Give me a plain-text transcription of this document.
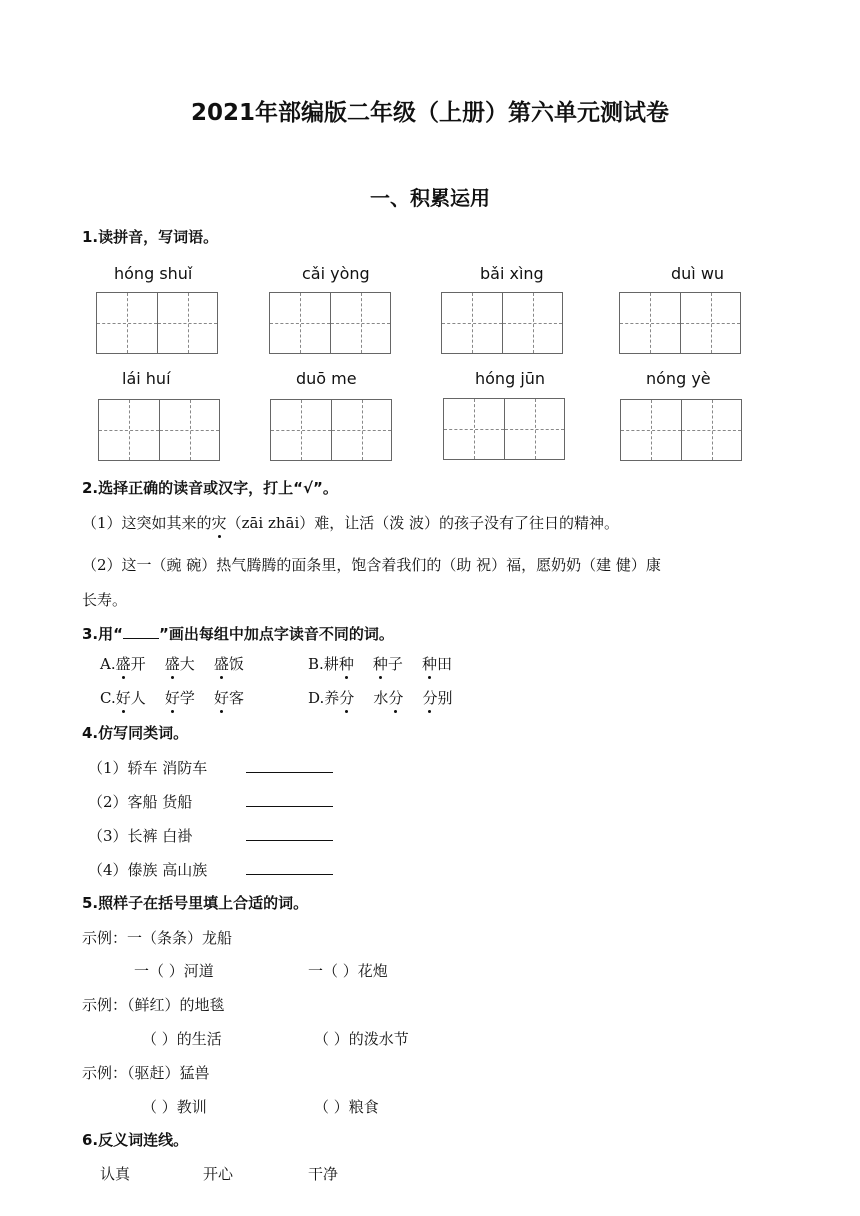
2021年部编版二年级（上册）第六单元测试卷
一、积累运用
1.读拼音，写词语。
hóng shuǐ	cǎi yòng	bǎi xìng	duì wu
lái huí	duō me	hóng jūn	nóng yè
2.选择正确的读音或汉字，打上“√”。
（1）这突如其来的灾（zāi zhāi）难，让活（泼 波）的孩子没有了往日的精神。
（2）这一（豌 碗）热气腾腾的面条里，饱含着我们的（助 祝）福，愿奶奶（建 健）康
长寿。
3.用“ ”画出每组中加点字读音不同的词。
A.盛开 盛大 盛饭	B.耕种 种子 种田
C.好人 好学 好客	D.养分 水分 分别
4.仿写同类词。
（1）轿车 消防车
（2）客船 货船
（3）长裤 白褂
（4）傣族 高山族
5.照样子在括号里填上合适的词。
示例：一（条条）龙船
一（ ）河道	一（ ）花炮
示例：（鲜红）的地毯
（ ）的生活	（ ）的泼水节
示例：（驱赶）猛兽
（ ）教训	（ ）粮食
6.反义词连线。
认真	开心	干净
